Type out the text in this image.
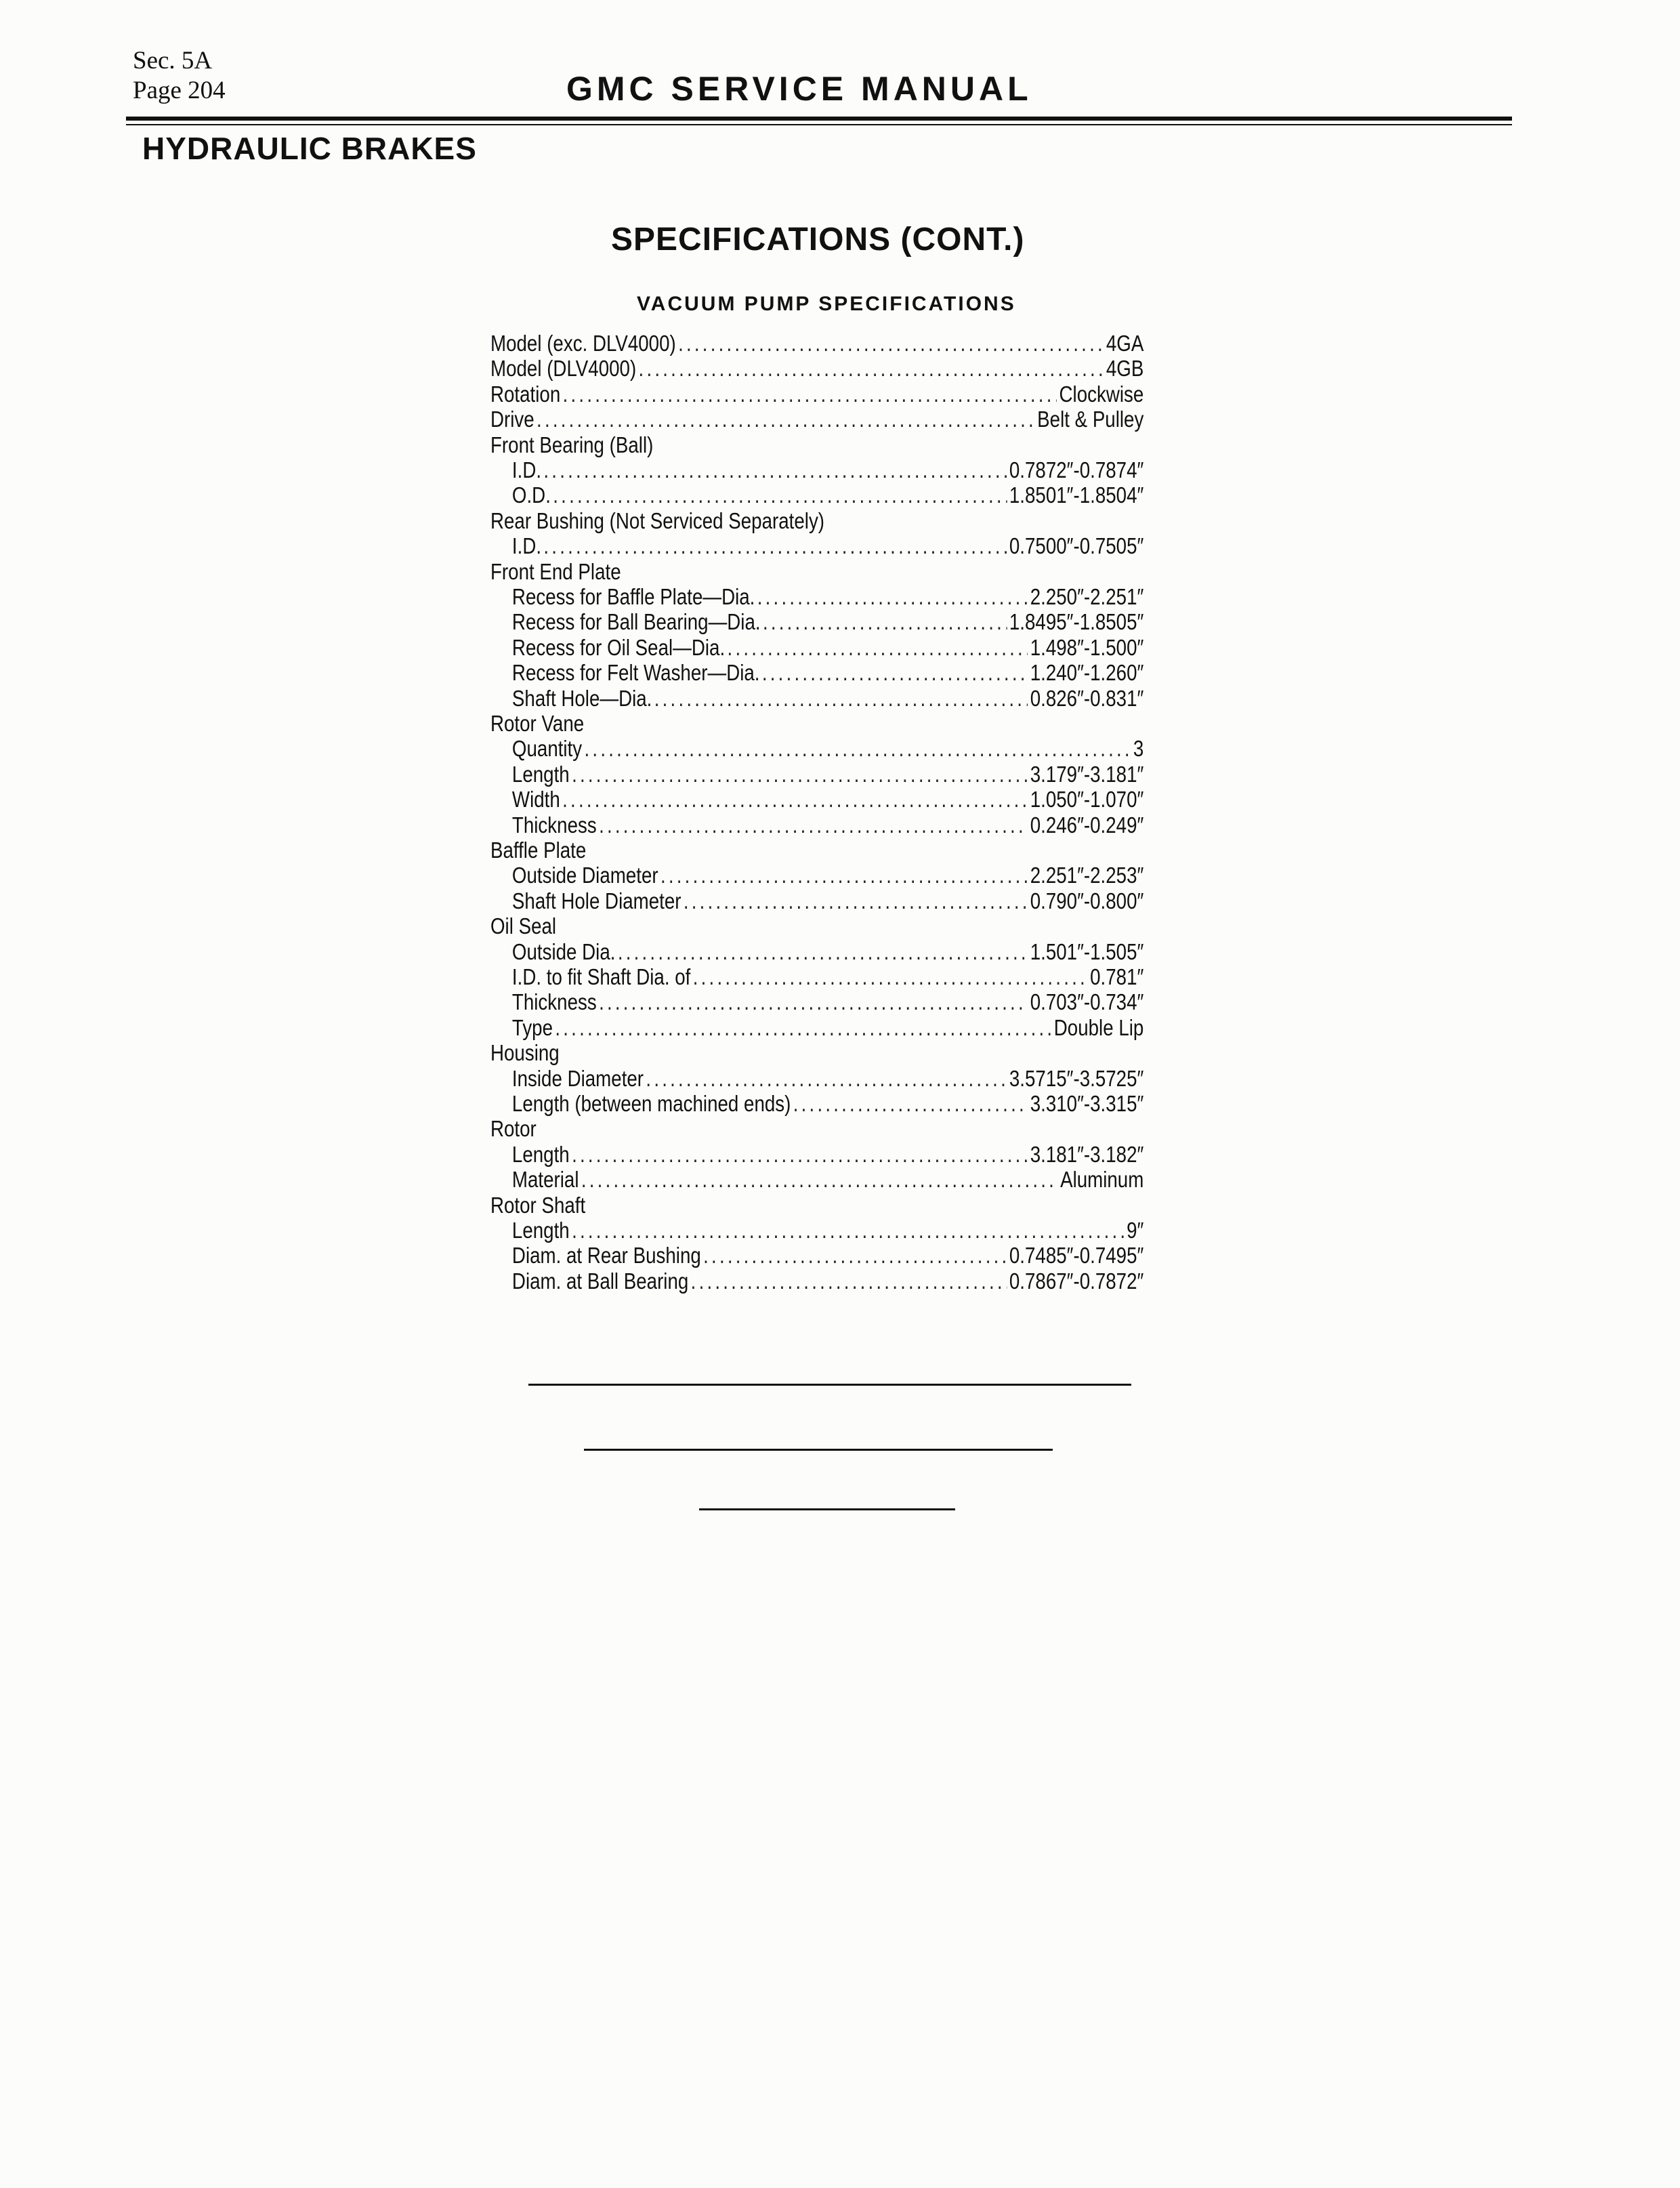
Sec. 5A
Page 204	GMC SERVICE MANUAL
HYDRAULIC BRAKES
SPECIFICATIONS (CONT.)
VACUUM PUMP SPECIFICATIONS
Model (exc. DLV4000) .....	4GA
Model (DLV4000) .....	4GB
Rotation .....	Clockwise
Drive .....	Belt & Pulley
Front Bearing (Ball)
I.D. .....	0.7872″-0.7874″
O.D. .....	1.8501″-1.8504″
Rear Bushing (Not Serviced Separately)
I.D. .....	0.7500″-0.7505″
Front End Plate
Recess for Baffle Plate—Dia. .....	2.250″-2.251″
Recess for Ball Bearing—Dia. .....	1.8495″-1.8505″
Recess for Oil Seal—Dia. .....	1.498″-1.500″
Recess for Felt Washer—Dia. .....	1.240″-1.260″
Shaft Hole—Dia. .....	0.826″-0.831″
Rotor Vane
Quantity .....	3
Length .....	3.179″-3.181″
Width .....	1.050″-1.070″
Thickness .....	0.246″-0.249″
Baffle Plate
Outside Diameter .....	2.251″-2.253″
Shaft Hole Diameter .....	0.790″-0.800″
Oil Seal
Outside Dia. .....	1.501″-1.505″
I.D. to fit Shaft Dia. of .....	0.781″
Thickness .....	0.703″-0.734″
Type .....	Double Lip
Housing
Inside Diameter .....	3.5715″-3.5725″
Length (between machined ends) .....	3.310″-3.315″
Rotor
Length .....	3.181″-3.182″
Material .....	Aluminum
Rotor Shaft
Length .....	9″
Diam. at Rear Bushing .....	0.7485″-0.7495″
Diam. at Ball Bearing .....	0.7867″-0.7872″
